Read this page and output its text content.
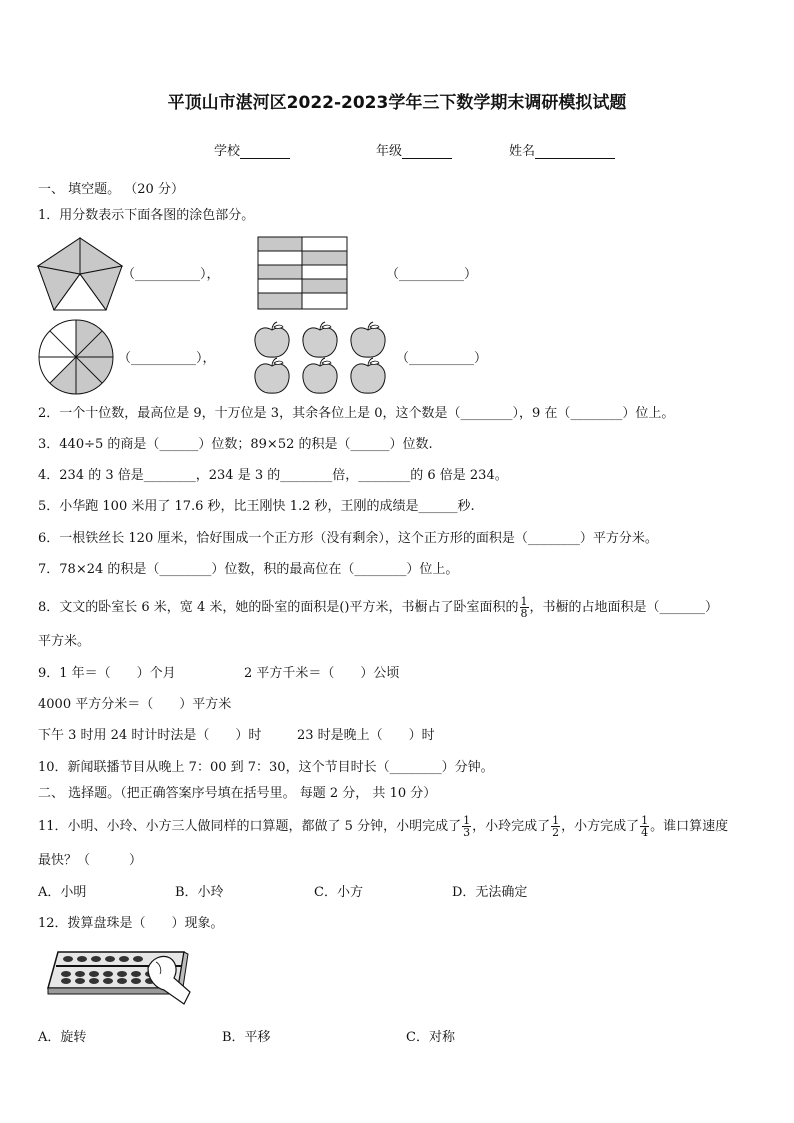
平顶山市湛河区2022-2023学年三下数学期末调研模拟试题
学校	年级	姓名
一、 填空题。 （20 分）
1．用分数表示下面各图的涂色部分。
（__________），	（__________）
（__________），	（__________）
2．一个十位数，最高位是 9，十万位是 3，其余各位上是 0，这个数是（________），9 在（________）位上。
3．440÷5 的商是（______）位数；89×52 的积是（______）位数.
4．234 的 3 倍是________，234 是 3 的________倍，________的 6 倍是 234。
5．小华跑 100 米用了 17.6 秒，比王刚快 1.2 秒，王刚的成绩是______秒.
6．一根铁丝长 120 厘米，恰好围成一个正方形（没有剩余），这个正方形的面积是（________）平方分米。
7．78×24 的积是（________）位数，积的最高位在（________）位上。
8．文文的卧室长 6 米，宽 4 米，她的卧室的面积是()平方米，书橱占了卧室面积的 $\frac{1}{8}$ ，书橱的占地面积是（_______）
平方米。
9．1 年＝（　　）个月	2 平方千米＝（　　）公顷
4000 平方分米＝（　　）平方米
下午 3 时用 24 时计时法是（　　）时	23 时是晚上（　　）时
10．新闻联播节目从晚上 7：00 到 7：30，这个节目时长（________）分钟。
二、 选择题。（把正确答案序号填在括号里。 每题 2 分， 共 10 分）
11．小明、小玲、小方三人做同样的口算题，都做了 5 分钟，小明完成了 $\frac{1}{3}$ ，小玲完成了 $\frac{1}{2}$ ，小方完成了 $\frac{1}{4}$ 。谁口算速度
最快？（　　　）
A．小明	B．小玲	C．小方	D．无法确定
12．拨算盘珠是（　　）现象。
A．旋转	B．平移	C．对称
